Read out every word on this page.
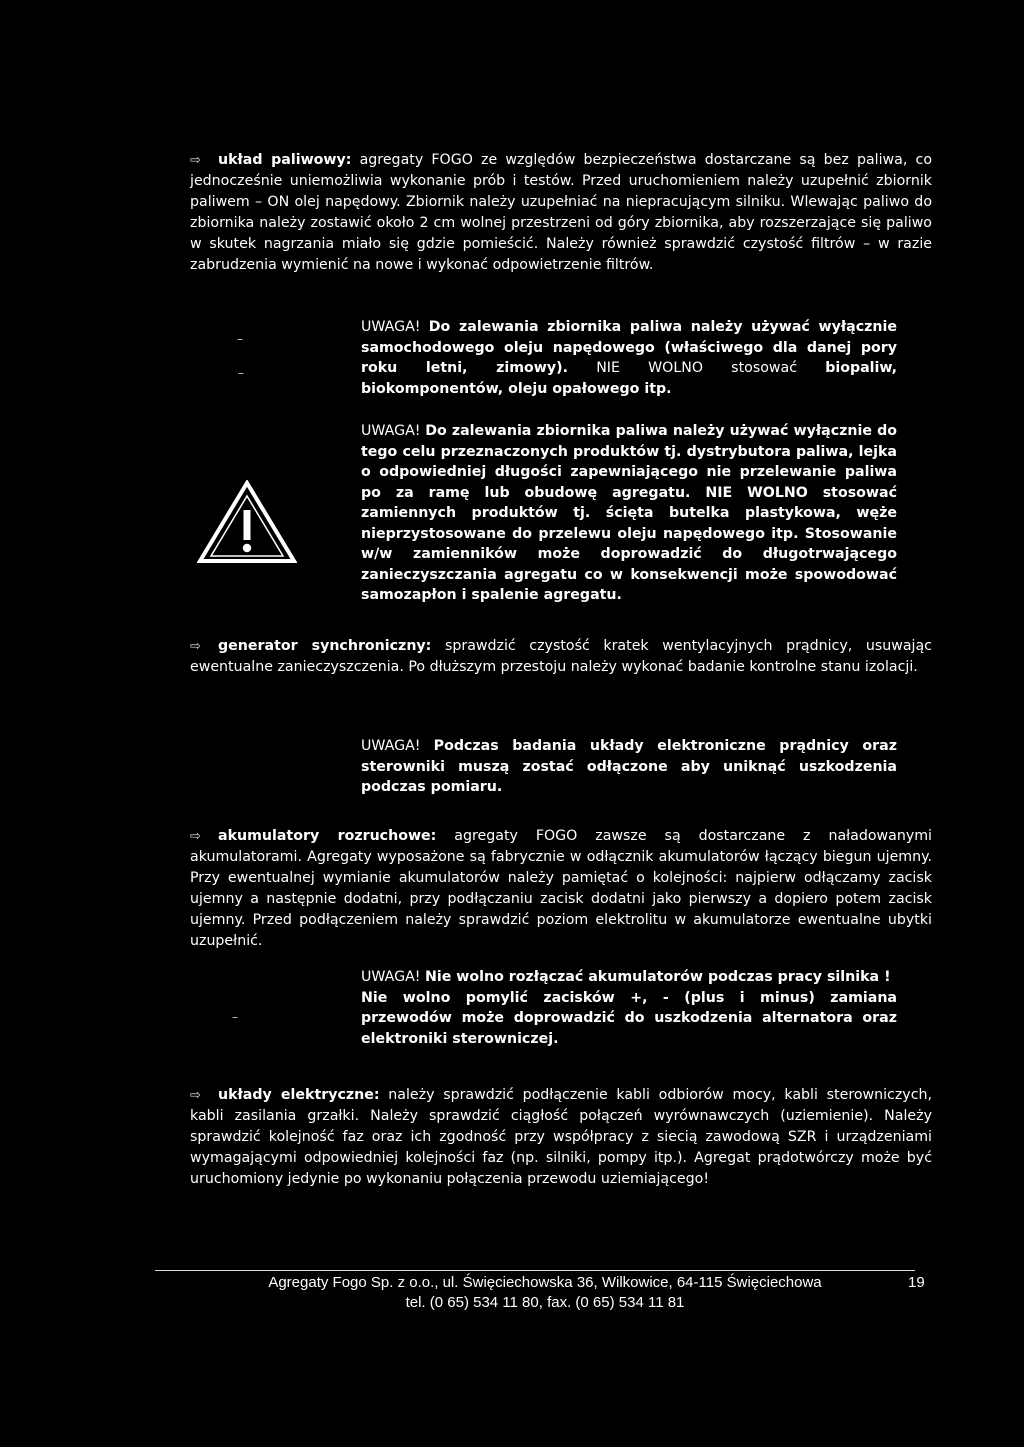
⇨	układ paliwowy: agregaty FOGO ze względów bezpieczeństwa dostarczane są bez paliwa, co jednocześnie uniemożliwia wykonanie prób i testów. Przed uruchomieniem należy uzupełnić zbiornik paliwem – ON olej napędowy. Zbiornik należy uzupełniać na niepracującym silniku. Wlewając paliwo do zbiornika należy zostawić około 2 cm wolnej przestrzeni od góry zbiornika, aby rozszerzające się paliwo w skutek nagrzania miało się gdzie pomieścić. Należy również sprawdzić czystość filtrów – w razie zabrudzenia wymienić na nowe i wykonać odpowietrzenie filtrów.

–
–
UWAGA! Do zalewania zbiornika paliwa należy używać wyłącznie samochodowego oleju napędowego (właściwego dla danej pory roku letni, zimowy). NIE WOLNO stosować biopaliw, biokomponentów, oleju opałowego itp.
UWAGA! Do zalewania zbiornika paliwa należy używać wyłącznie do tego celu przeznaczonych produktów tj. dystrybutora paliwa, lejka o odpowiedniej długości zapewniającego nie przelewanie paliwa po za ramę lub obudowę agregatu. NIE WOLNO stosować zamiennych produktów tj. ścięta butelka plastykowa, węże nieprzystosowane do przelewu oleju napędowego itp. Stosowanie w/w zamienników może doprowadzić do długotrwającego zanieczyszczania agregatu co w konsekwencji może spowodować samozapłon i spalenie agregatu.
⇨	generator synchroniczny: sprawdzić czystość kratek wentylacyjnych prądnicy, usuwając ewentualne zanieczyszczenia. Po dłuższym przestoju należy wykonać badanie kontrolne stanu izolacji.

UWAGA! Podczas badania układy elektroniczne prądnicy oraz sterowniki muszą zostać odłączone aby uniknąć uszkodzenia podczas pomiaru.
⇨	akumulatory rozruchowe: agregaty FOGO zawsze są dostarczane z naładowanymi akumulatorami. Agregaty wyposażone są fabrycznie w odłącznik akumulatorów łączący biegun ujemny. Przy ewentualnej wymianie akumulatorów należy pamiętać o kolejności: najpierw odłączamy zacisk ujemny a następnie dodatni, przy podłączaniu zacisk dodatni jako pierwszy a dopiero potem zacisk ujemny. Przed podłączeniem należy sprawdzić poziom elektrolitu w akumulatorze ewentualne ubytki uzupełnić.

–
UWAGA! Nie wolno rozłączać akumulatorów podczas pracy silnika !
Nie wolno pomylić zacisków +, - (plus i minus) zamiana przewodów może doprowadzić do uszkodzenia alternatora oraz elektroniki sterowniczej.
⇨	układy elektryczne: należy sprawdzić podłączenie kabli odbiorów mocy, kabli sterowniczych, kabli zasilania grzałki. Należy sprawdzić ciągłość połączeń wyrównawczych (uziemienie). Należy sprawdzić kolejność faz oraz ich zgodność przy współpracy z siecią zawodową SZR i urządzeniami wymagającymi odpowiedniej kolejności faz (np. silniki, pompy itp.). Agregat prądotwórczy może być uruchomiony jedynie po wykonaniu połączenia przewodu uziemiającego!

Agregaty Fogo Sp. z o.o., ul. Święciechowska 36, Wilkowice, 64-115 Święciechowa
tel. (0 65) 534 11 80, fax. (0 65) 534 11 81
19
